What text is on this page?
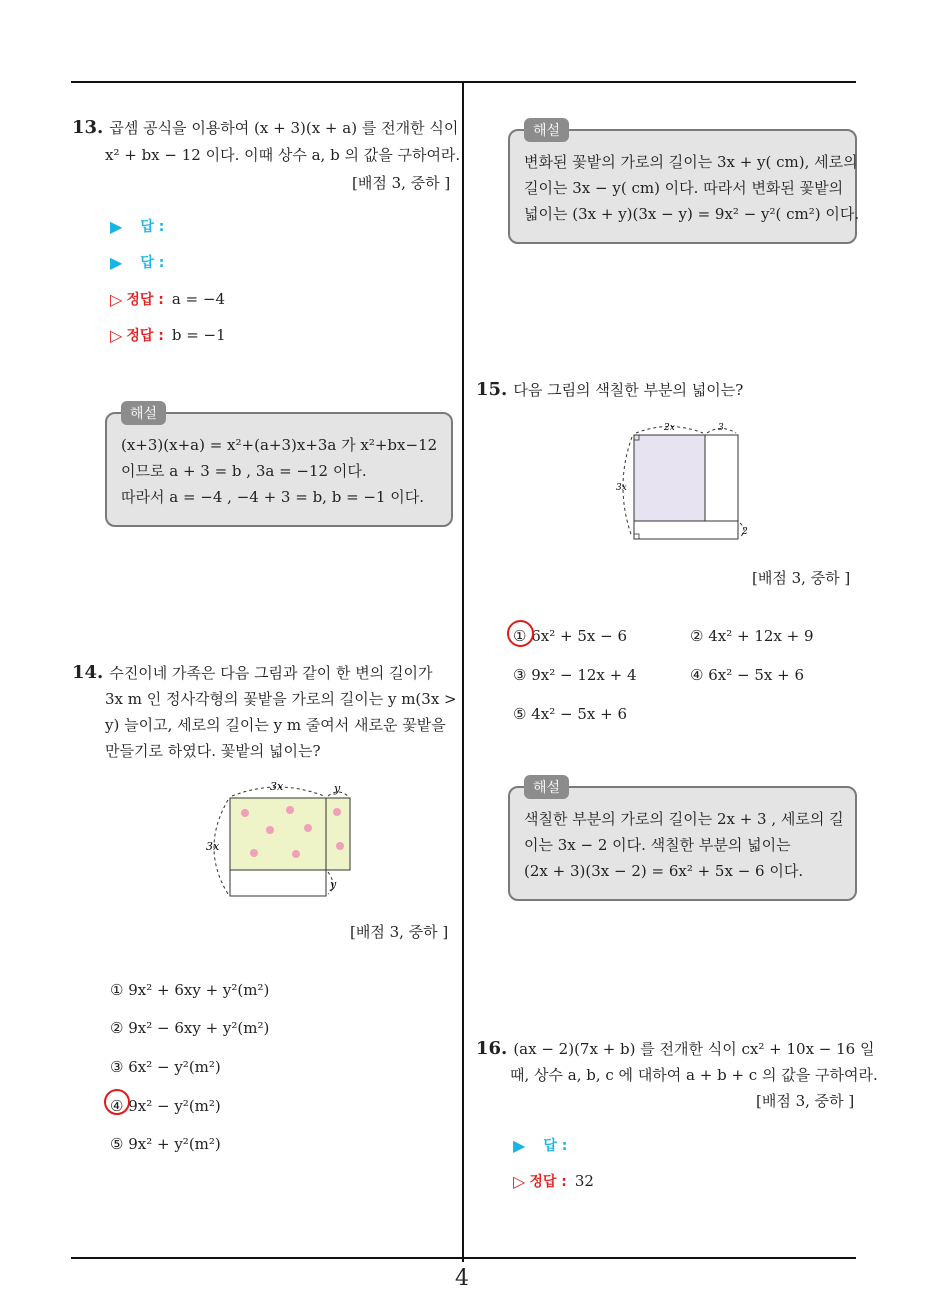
13. 곱셈 공식을 이용하여 (x + 3)(x + a) 를 전개한 식이
x² + bx − 12 이다. 이때 상수 a, b 의 값을 구하여라.
[배점 3, 중하 ]
▶ 답 :
▶ 답 :
▷ 정답 : a = −4
▷ 정답 : b = −1
해설
(x+3)(x+a) = x²+(a+3)x+3a 가 x²+bx−12
이므로 a + 3 = b , 3a = −12 이다.
따라서 a = −4 , −4 + 3 = b, b = −1 이다.
14. 수진이네 가족은 다음 그림과 같이 한 변의 길이가
3x m 인 정사각형의 꽃밭을 가로의 길이는 y m(3x >
y) 늘이고, 세로의 길이는 y m 줄여서 새로운 꽃밭을
만들기로 하였다. 꽃밭의 넓이는?
3x	y
3x
y
[배점 3, 중하 ]
① 9x² + 6xy + y²(m²)
② 9x² − 6xy + y²(m²)
③ 6x² − y²(m²)
④ 9x² − y²(m²)
⑤ 9x² + y²(m²)
해설
변화된 꽃밭의 가로의 길이는 3x + y( cm), 세로의
길이는 3x − y( cm) 이다. 따라서 변화된 꽃밭의
넓이는 (3x + y)(3x − y) = 9x² − y²( cm²) 이다.
15. 다음 그림의 색칠한 부분의 넓이는?
2x	3
3x
2
[배점 3, 중하 ]
① 6x² + 5x − 6	② 4x² + 12x + 9
③ 9x² − 12x + 4	④ 6x² − 5x + 6
⑤ 4x² − 5x + 6
해설
색칠한 부분의 가로의 길이는 2x + 3 , 세로의 길
이는 3x − 2 이다. 색칠한 부분의 넓이는
(2x + 3)(3x − 2) = 6x² + 5x − 6 이다.
16. (ax − 2)(7x + b) 를 전개한 식이 cx² + 10x − 16 일
때, 상수 a, b, c 에 대하여 a + b + c 의 값을 구하여라.
[배점 3, 중하 ]
▶ 답 :
▷ 정답 : 32
4
